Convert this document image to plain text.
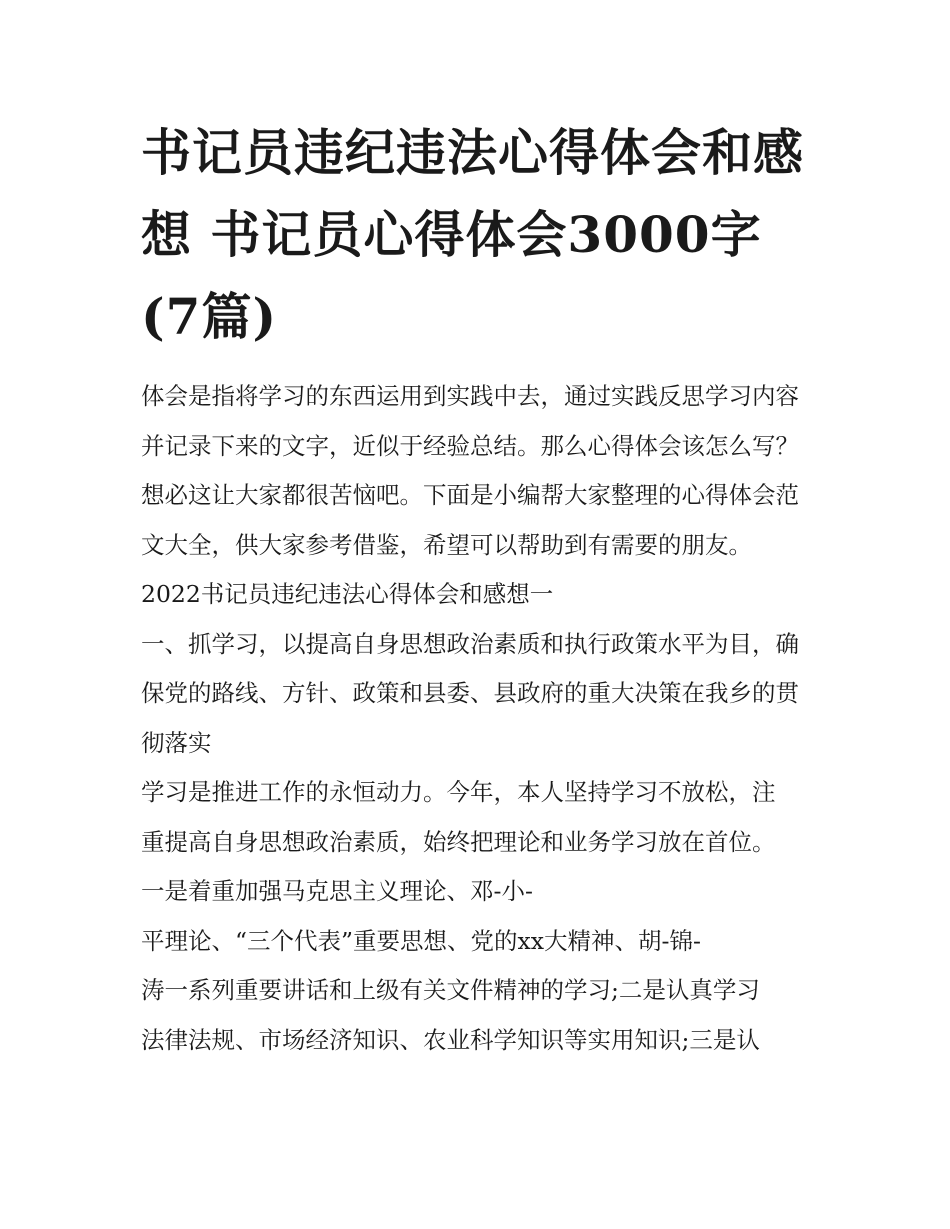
书记员违纪违法心得体会和感想 书记员心得体会3000字(7篇)

体会是指将学习的东西运用到实践中去，通过实践反思学习内容并记录下来的文字，近似于经验总结。那么心得体会该怎么写？想必这让大家都很苦恼吧。下面是小编帮大家整理的心得体会范文大全，供大家参考借鉴，希望可以帮助到有需要的朋友。

2022书记员违纪违法心得体会和感想一

一、抓学习，以提高自身思想政治素质和执行政策水平为目，确保党的路线、方针、政策和县委、县政府的重大决策在我乡的贯彻落实

学习是推进工作的永恒动力。今年，本人坚持学习不放松，注
重提高自身思想政治素质，始终把理论和业务学习放在首位。
一是着重加强马克思主义理论、邓-小-
平理论、“三个代表”重要思想、党的xx大精神、胡-锦-
涛一系列重要讲话和上级有关文件精神的学习;二是认真学习
法律法规、市场经济知识、农业科学知识等实用知识;三是认
